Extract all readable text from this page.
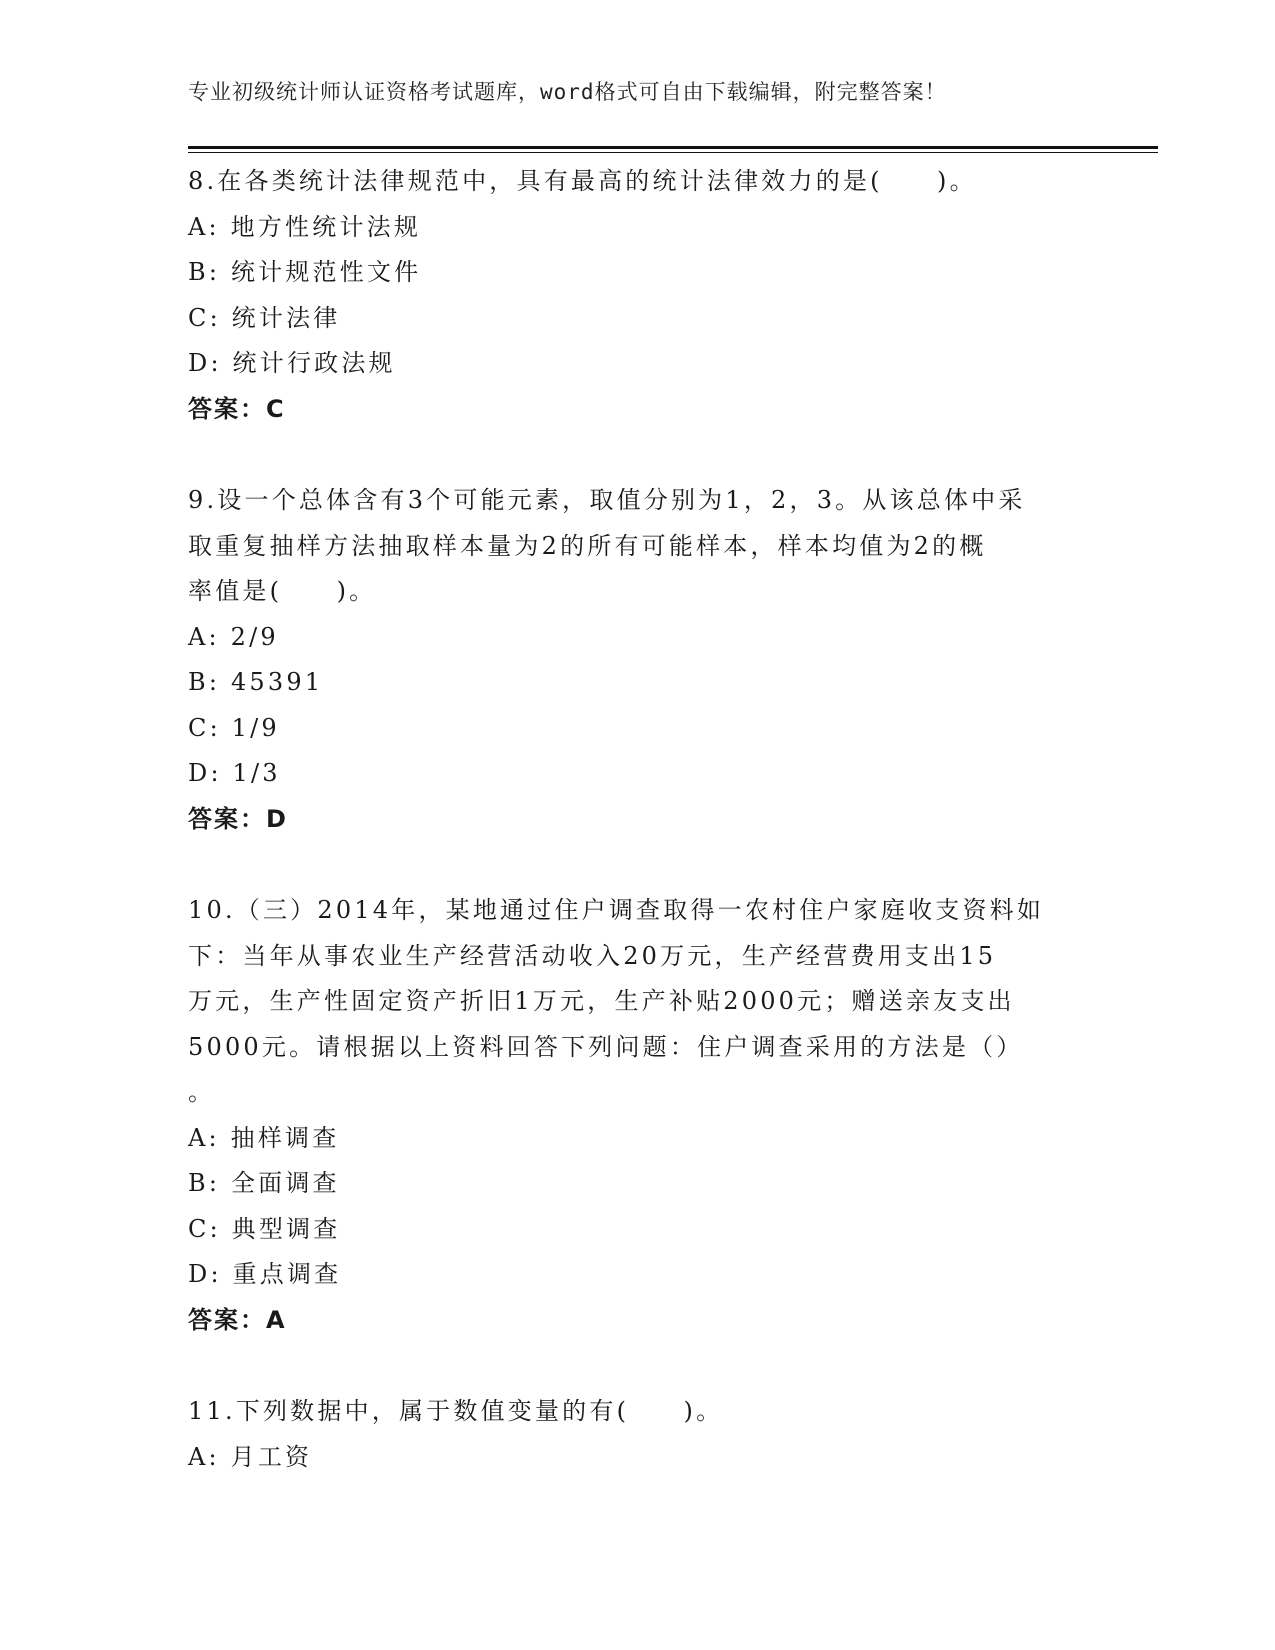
专业初级统计师认证资格考试题库，word格式可自由下载编辑，附完整答案！

8.在各类统计法律规范中，具有最高的统计法律效力的是(　　)。

A: 地方性统计法规

B: 统计规范性文件

C: 统计法律

D: 统计行政法规

答案：C

9.设一个总体含有3个可能元素，取值分别为1，2，3。从该总体中采

取重复抽样方法抽取样本量为2的所有可能样本，样本均值为2的概

率值是(　　)。

A: 2/9

B: 45391

C: 1/9

D: 1/3

答案：D

10.（三）2014年，某地通过住户调查取得一农村住户家庭收支资料如

下：当年从事农业生产经营活动收入20万元，生产经营费用支出15

万元，生产性固定资产折旧1万元，生产补贴2000元；赠送亲友支出

5000元。请根据以上资料回答下列问题：住户调查采用的方法是（）

。

A: 抽样调查

B: 全面调查

C: 典型调查

D: 重点调查

答案：A

11.下列数据中，属于数值变量的有(　　)。

A: 月工资
